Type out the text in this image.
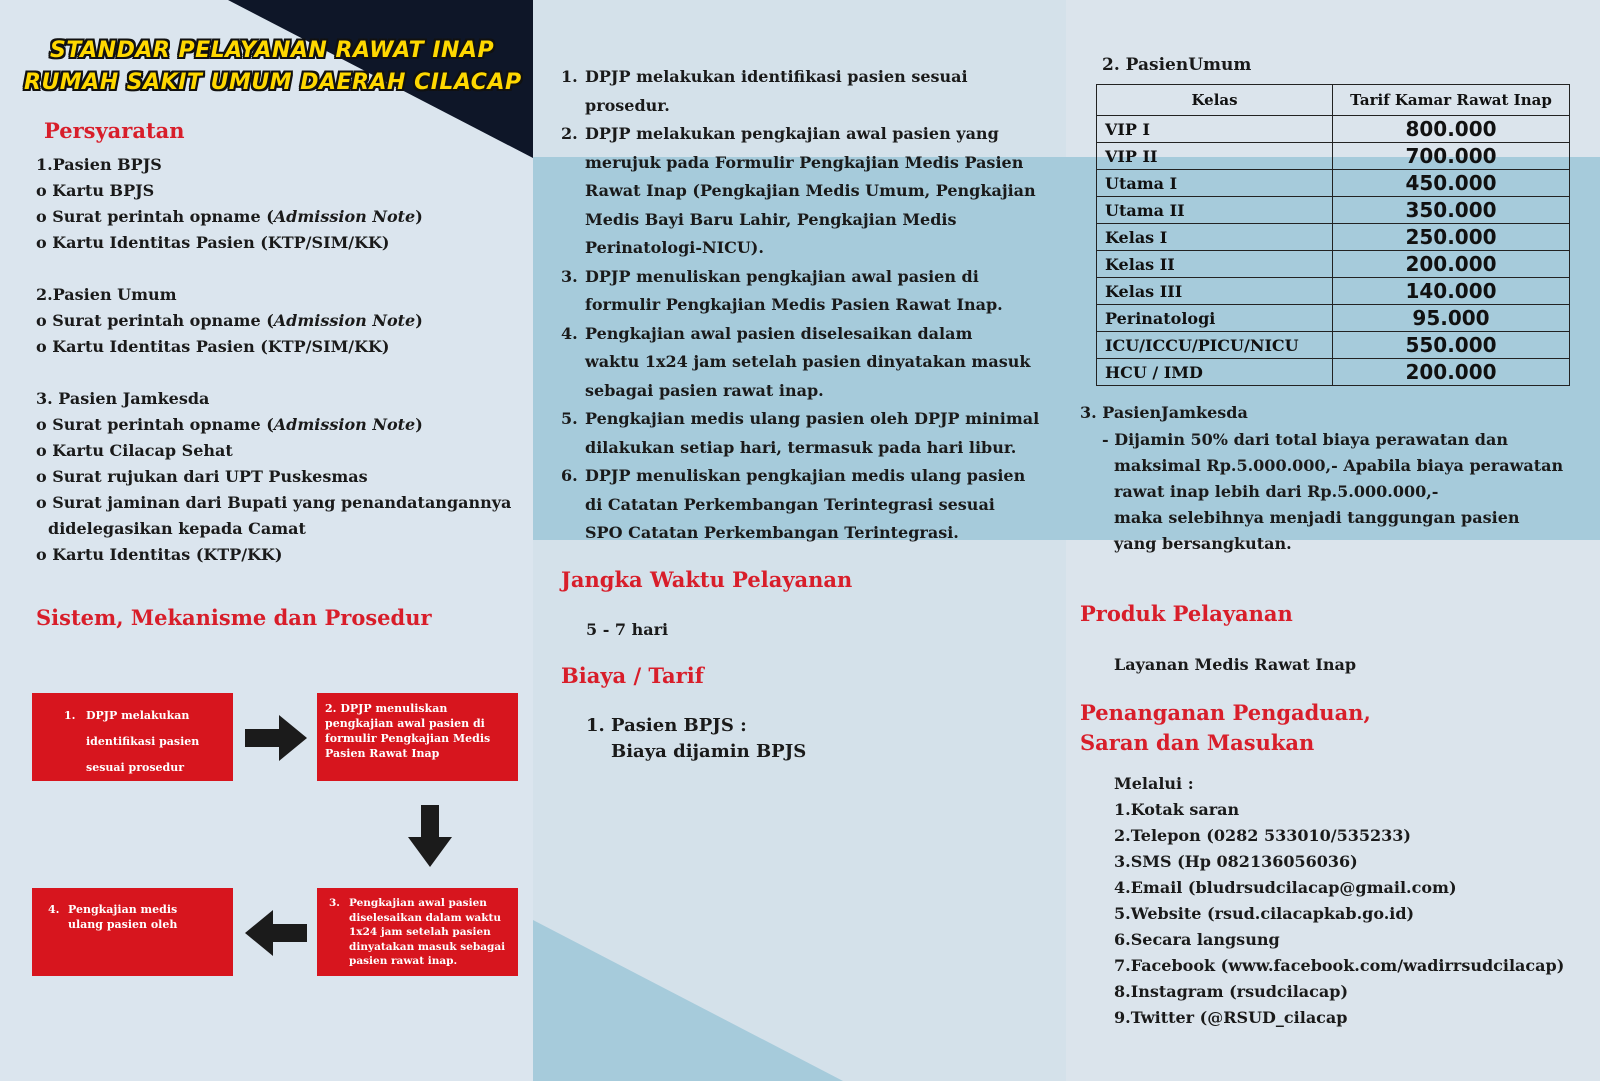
STANDAR PELAYANAN RAWAT INAP
RUMAH SAKIT UMUM DAERAH CILACAP
Persyaratan
1.Pasien BPJS
o Kartu BPJS
o Surat perintah opname (Admission Note)
o Kartu Identitas Pasien (KTP/SIM/KK)
2.Pasien Umum
o Surat perintah opname (Admission Note)
o Kartu Identitas Pasien (KTP/SIM/KK)
3. Pasien Jamkesda
o Surat perintah opname (Admission Note)
o Kartu Cilacap Sehat
o Surat rujukan dari UPT Puskesmas
o Surat jaminan dari Bupati yang penandatangannya
didelegasikan kepada Camat
o Kartu Identitas (KTP/KK)
Sistem, Mekanisme dan Prosedur
1. DPJP melakukan identifikasi pasien sesuai prosedur
2. DPJP menuliskan pengkajian awal pasien di formulir Pengkajian Medis Pasien Rawat Inap
3. Pengkajian awal pasien diselesaikan dalam waktu 1x24 jam setelah pasien dinyatakan masuk sebagai pasien rawat inap.
4. Pengkajian medis ulang pasien oleh
1. DPJP melakukan identifikasi pasien sesuai
prosedur.
2. DPJP melakukan pengkajian awal pasien yang
merujuk pada Formulir Pengkajian Medis Pasien
Rawat Inap (Pengkajian Medis Umum, Pengkajian
Medis Bayi Baru Lahir, Pengkajian Medis
Perinatologi-NICU).
3. DPJP menuliskan pengkajian awal pasien di
formulir Pengkajian Medis Pasien Rawat Inap.
4. Pengkajian awal pasien diselesaikan dalam
waktu 1x24 jam setelah pasien dinyatakan masuk
sebagai pasien rawat inap.
5. Pengkajian medis ulang pasien oleh DPJP minimal
dilakukan setiap hari, termasuk pada hari libur.
6. DPJP menuliskan pengkajian medis ulang pasien
di Catatan Perkembangan Terintegrasi sesuai
SPO Catatan Perkembangan Terintegrasi.
Jangka Waktu Pelayanan
5 - 7 hari
Biaya / Tarif
1. Pasien BPJS :
Biaya dijamin BPJS
2. PasienUmum
Kelas	Tarif Kamar Rawat Inap
VIP I	800.000
VIP II	700.000
Utama I	450.000
Utama II	350.000
Kelas I	250.000
Kelas II	200.000
Kelas III	140.000
Perinatologi	95.000
ICU/ICCU/PICU/NICU	550.000
HCU / IMD	200.000
3. PasienJamkesda
- Dijamin 50% dari total biaya perawatan dan
maksimal Rp.5.000.000,- Apabila biaya perawatan
rawat inap lebih dari Rp.5.000.000,-
maka selebihnya menjadi tanggungan pasien
yang bersangkutan.
Produk Pelayanan
Layanan Medis Rawat Inap
Penanganan Pengaduan,
Saran dan Masukan
Melalui :
1.Kotak saran
2.Telepon (0282 533010/535233)
3.SMS (Hp 082136056036)
4.Email (bludrsudcilacap@gmail.com)
5.Website (rsud.cilacapkab.go.id)
6.Secara langsung
7.Facebook (www.facebook.com/wadirrsudcilacap)
8.Instagram (rsudcilacap)
9.Twitter (@RSUD_cilacap
